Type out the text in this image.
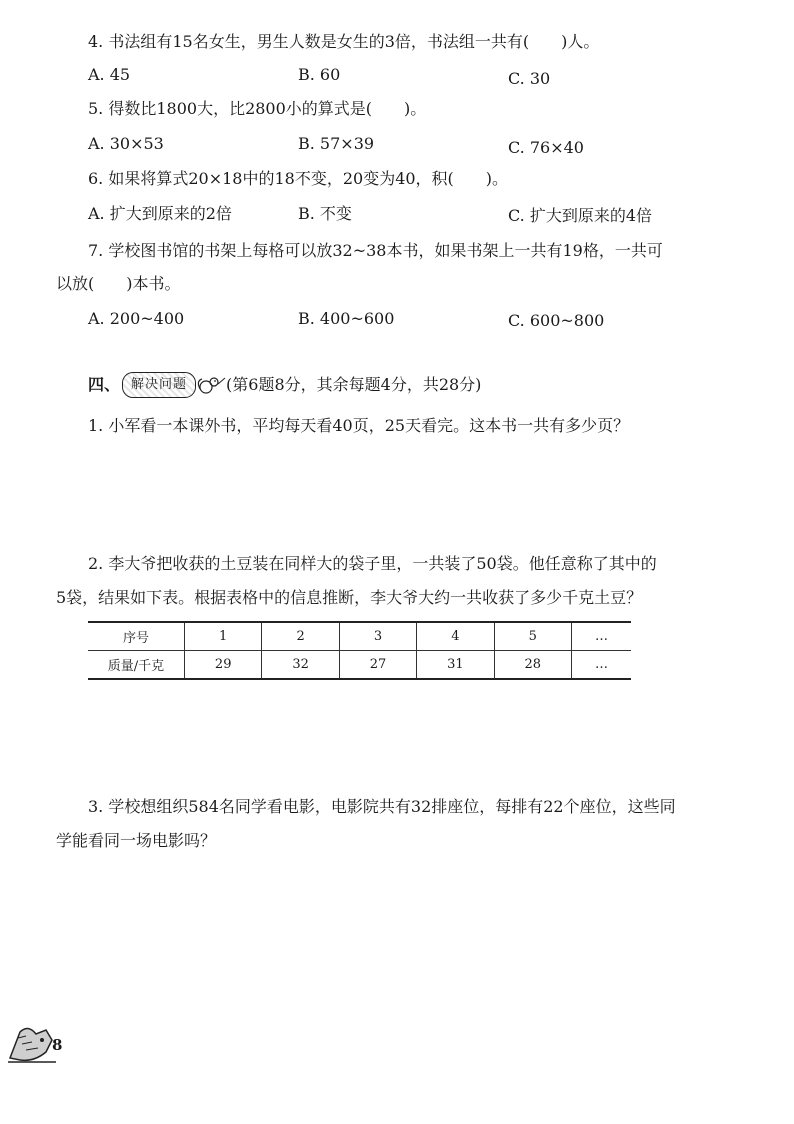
4. 书法组有15名女生，男生人数是女生的3倍，书法组一共有(　　)人。
A. 45	B. 60	C. 30
5. 得数比1800大，比2800小的算式是(　　)。
A. 30×53	B. 57×39	C. 76×40
6. 如果将算式20×18中的18不变，20变为40，积(　　)。
A. 扩大到原来的2倍	B. 不变	C. 扩大到原来的4倍
7. 学校图书馆的书架上每格可以放32~38本书，如果书架上一共有19格，一共可
以放(　　)本书。
A. 200~400	B. 400~600	C. 600~800
四、 解决问题 (第6题8分，其余每题4分，共28分)
1. 小军看一本课外书，平均每天看40页，25天看完。这本书一共有多少页？
2. 李大爷把收获的土豆装在同样大的袋子里，一共装了50袋。他任意称了其中的
5袋，结果如下表。根据表格中的信息推断，李大爷大约一共收获了多少千克土豆？
序号	1	2	3	4	5	…
质量/千克	29	32	27	31	28	…
3. 学校想组织584名同学看电影，电影院共有32排座位，每排有22个座位，这些同
学能看同一场电影吗？
8
